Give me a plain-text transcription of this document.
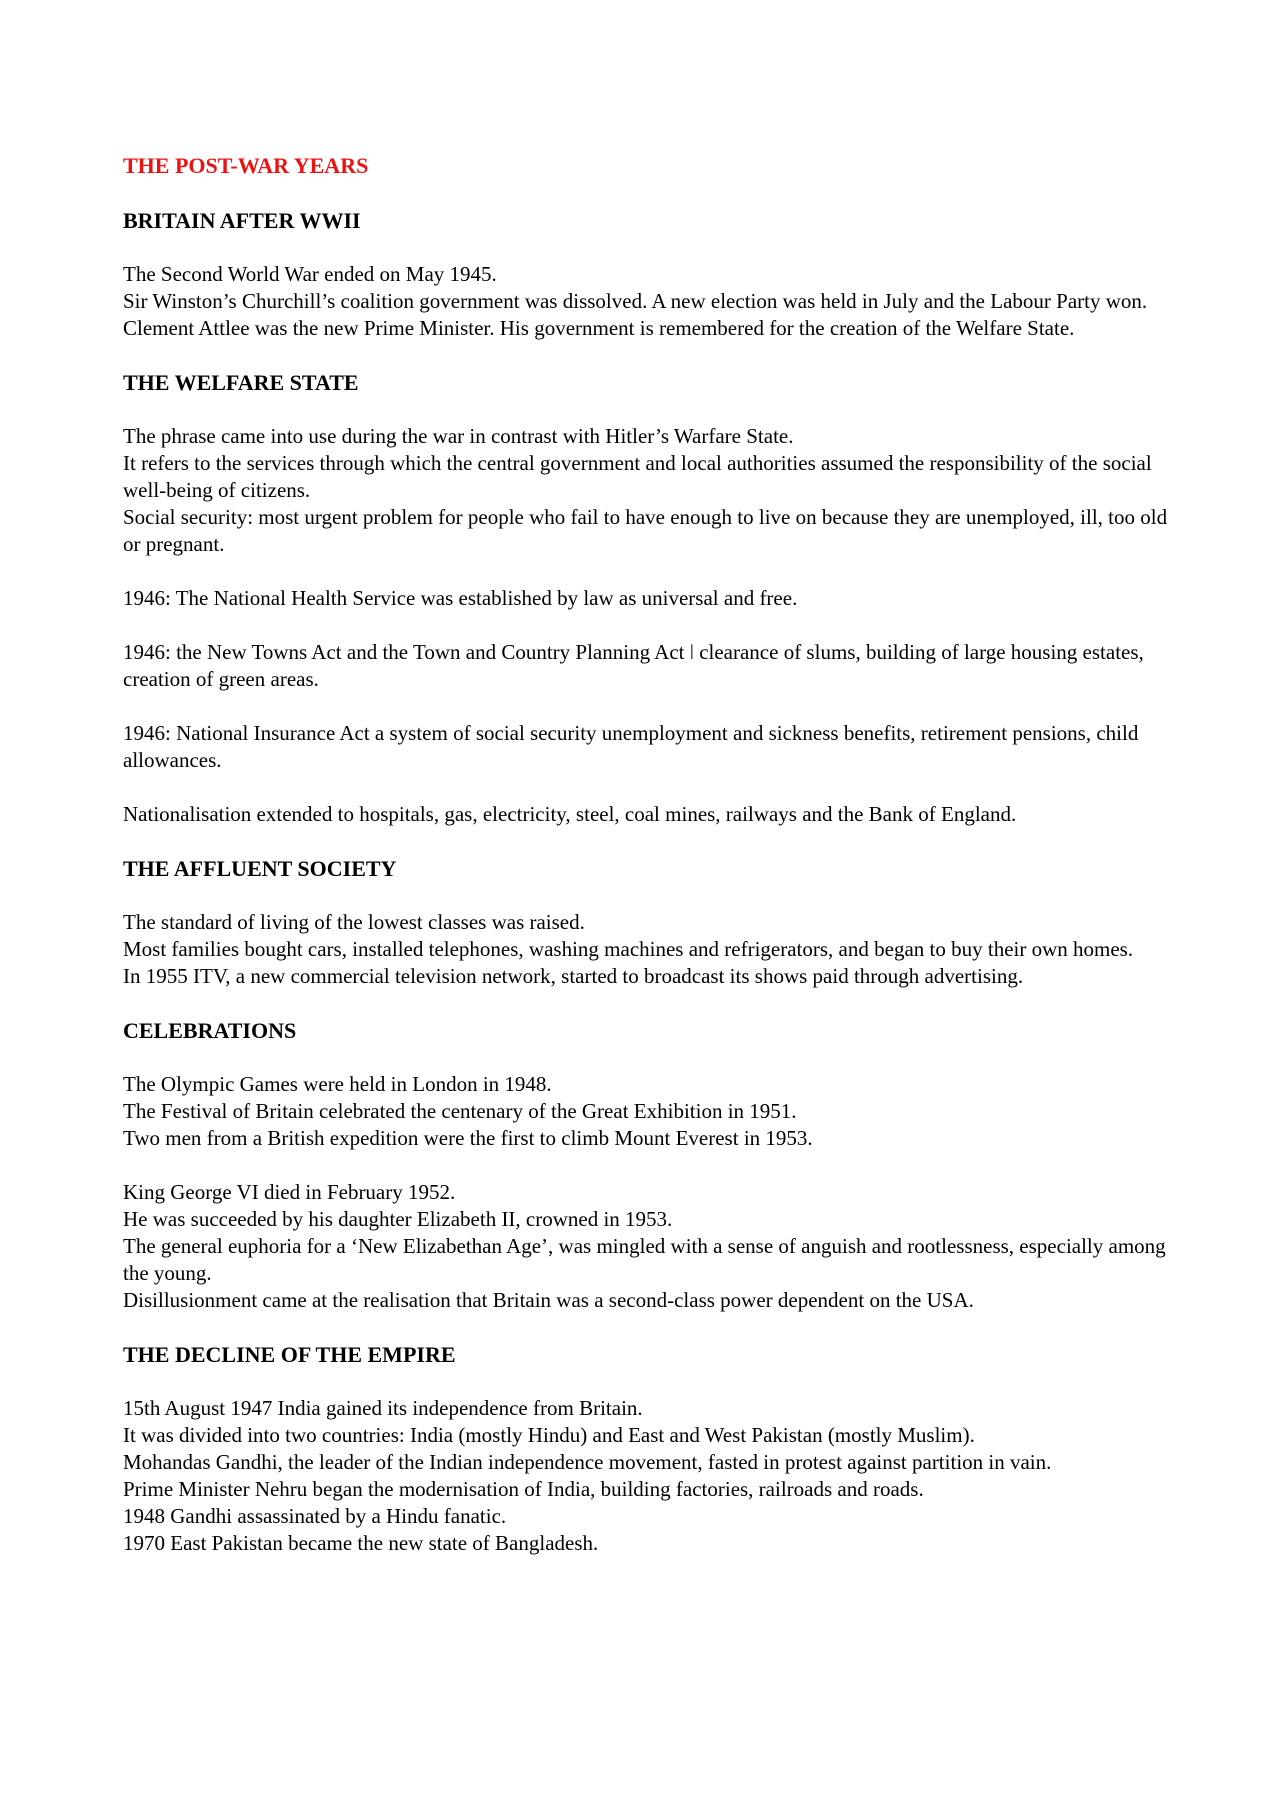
THE POST-WAR YEARS
BRITAIN AFTER WWII

The Second World War ended on May 1945.

Sir Winston’s Churchill’s coalition government was dissolved. A new election was held in July and the Labour Party won. Clement Attlee was the new Prime Minister. His government is remembered for the creation of the Welfare State.

THE WELFARE STATE

The phrase came into use during the war in contrast with Hitler’s Warfare State.

It refers to the services through which the central government and local authorities assumed the responsibility of the social well-being of citizens.

Social security: most urgent problem for people who fail to have enough to live on because they are unemployed, ill, too old or pregnant.

1946: The National Health Service was established by law as universal and free.

1946: the New Towns Act and the Town and Country Planning Act ǀ clearance of slums, building of large housing estates, creation of green areas.

1946: National Insurance Act a system of social security unemployment and sickness benefits, retirement pensions, child allowances.

Nationalisation extended to hospitals, gas, electricity, steel, coal mines, railways and the Bank of England.

THE AFFLUENT SOCIETY

The standard of living of the lowest classes was raised.

Most families bought cars, installed telephones, washing machines and refrigerators, and began to buy their own homes.

In 1955 ITV, a new commercial television network, started to broadcast its shows paid through advertising.

CELEBRATIONS

The Olympic Games were held in London in 1948.

The Festival of Britain celebrated the centenary of the Great Exhibition in 1951.

Two men from a British expedition were the first to climb Mount Everest in 1953.

King George VI died in February 1952.

He was succeeded by his daughter Elizabeth II, crowned in 1953.

The general euphoria for a ‘New Elizabethan Age’, was mingled with a sense of anguish and rootlessness, especially among the young.

Disillusionment came at the realisation that Britain was a second-class power dependent on the USA.

THE DECLINE OF THE EMPIRE

15th August 1947 India gained its independence from Britain.

It was divided into two countries: India (mostly Hindu) and East and West Pakistan (mostly Muslim).

Mohandas Gandhi, the leader of the Indian independence movement, fasted in protest against partition in vain.

Prime Minister Nehru began the modernisation of India, building factories, railroads and roads.

1948 Gandhi assassinated by a Hindu fanatic.

1970 East Pakistan became the new state of Bangladesh.
